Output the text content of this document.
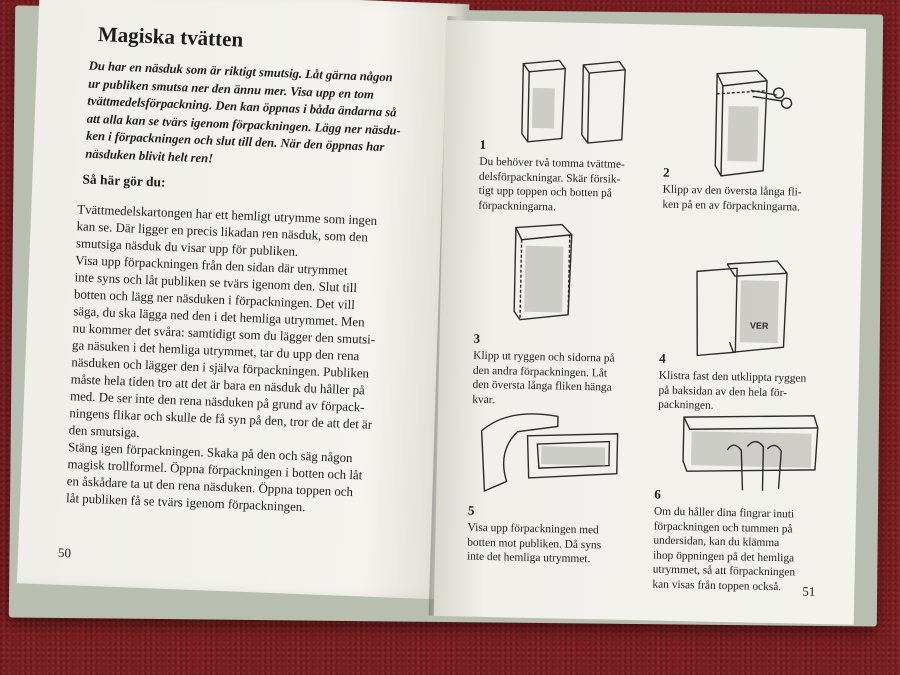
Magiska tvätten
Du har en näsduk som är riktigt smutsig. Låt gärna någon
ur publiken smutsa ner den ännu mer. Visa upp en tom
tvättmedelsförpackning. Den kan öppnas i båda ändarna så
att alla kan se tvärs igenom förpackningen. Lägg ner näsdu-
ken i förpackningen och slut till den. När den öppnas har
näsduken blivit helt ren!
Så här gör du:
Tvättmedelskartongen har ett hemligt utrymme som ingen
kan se. Där ligger en precis likadan ren näsduk, som den
smutsiga näsduk du visar upp för publiken.
Visa upp förpackningen från den sidan där utrymmet
inte syns och låt publiken se tvärs igenom den. Slut till
botten och lägg ner näsduken i förpackningen. Det vill
säga, du ska lägga ned den i det hemliga utrymmet. Men
nu kommer det svåra: samtidigt som du lägger den smutsi-
ga näsuken i det hemliga utrymmet, tar du upp den rena
näsduken och lägger den i själva förpackningen. Publiken
måste hela tiden tro att det är bara en näsduk du håller på
med. De ser inte den rena näsduken på grund av förpack-
ningens flikar och skulle de få syn på den, tror de att det är
den smutsiga.
Stäng igen förpackningen. Skaka på den och säg någon
magisk trollformel. Öppna förpackningen i botten och låt
en åskådare ta ut den rena näsduken. Öppna toppen och
låt publiken få se tvärs igenom förpackningen.
50
1
Du behöver två tomma tvättme-
delsförpackningar. Skär försik-
tigt upp toppen och botten på
förpackningarna.
2
Klipp av den översta långa fli-
ken på en av förpackningarna.
3
Klipp ut ryggen och sidorna på
den andra förpackningen. Låt
den översta långa fliken hänga
kvar.
VER
4
Klistra fast den utklippta ryggen
på baksidan av den hela för-
packningen.
5
Visa upp förpackningen med
botten mot publiken. Då syns
inte det hemliga utrymmet.
6
Om du håller dina fingrar inuti
förpackningen och tummen på
undersidan, kan du klämma
ihop öppningen på det hemliga
utrymmet, så att förpackningen
kan visas från toppen också.	51
